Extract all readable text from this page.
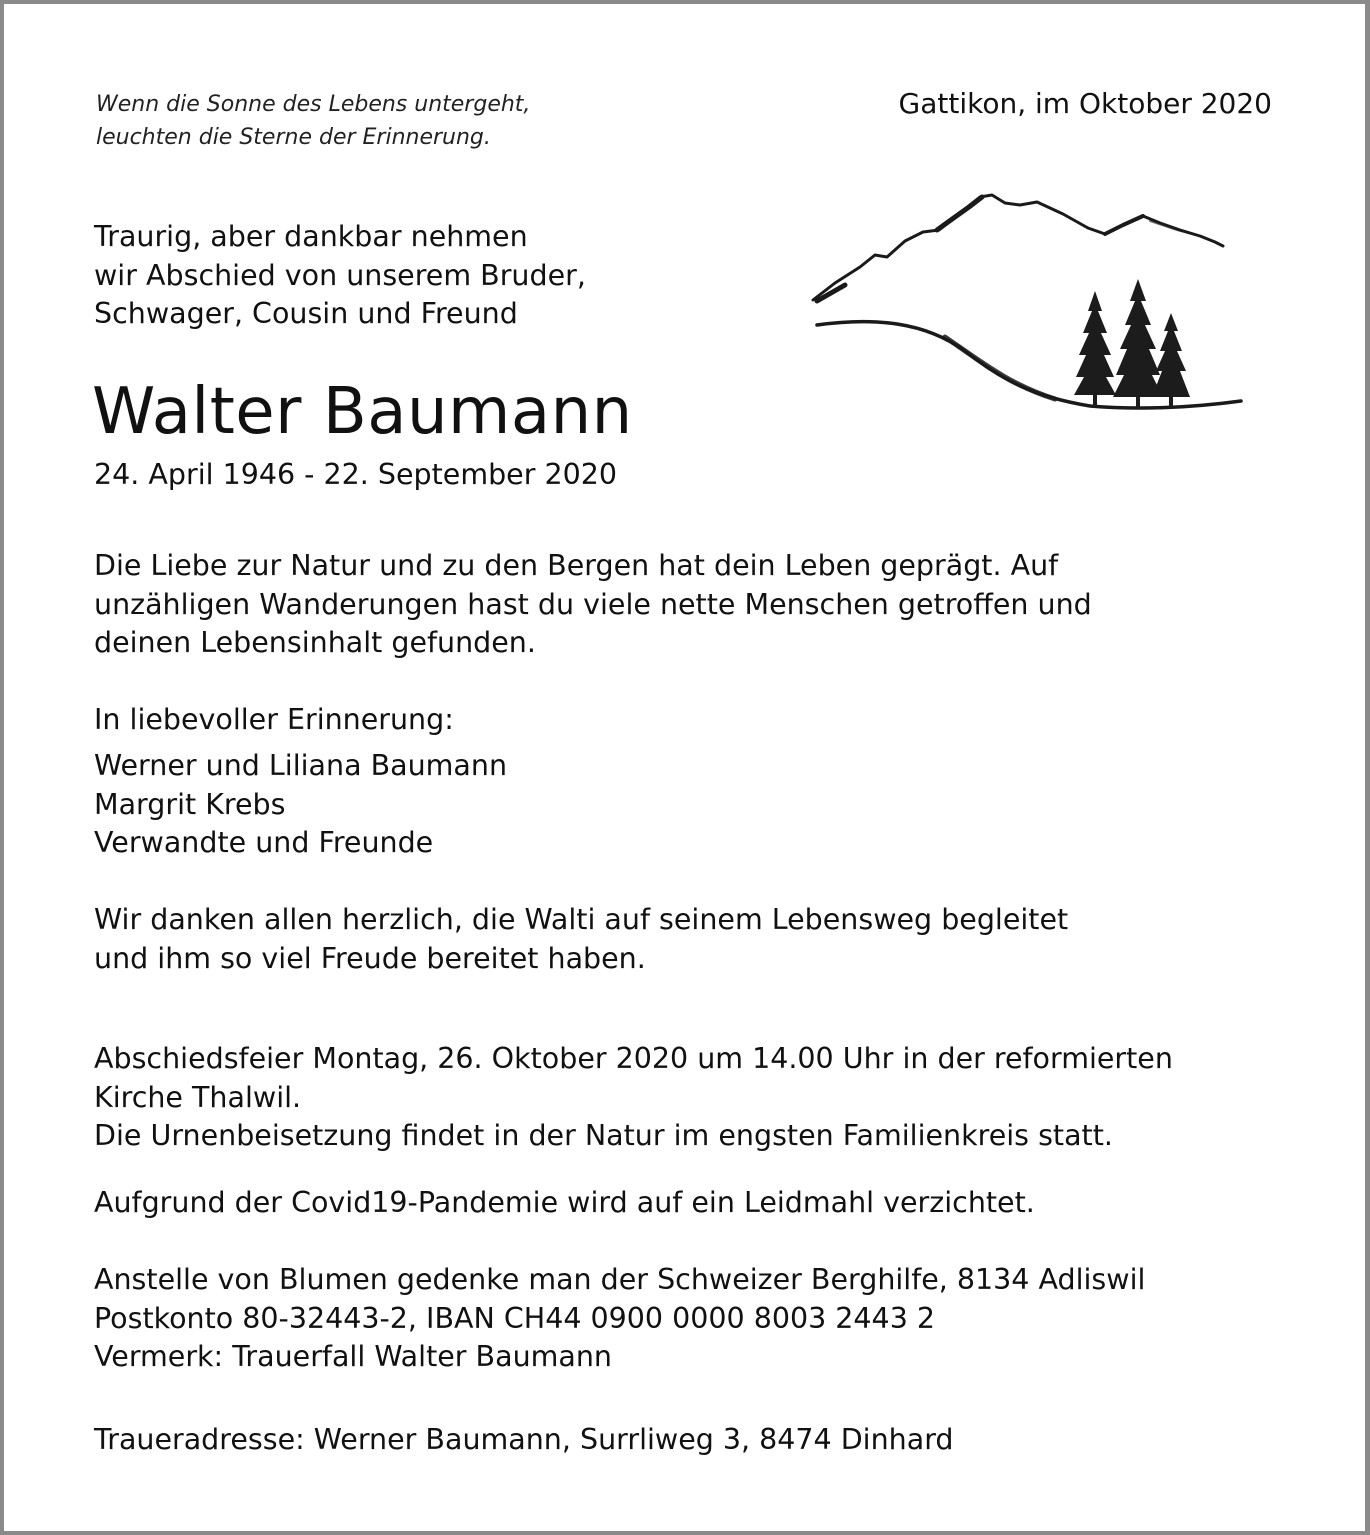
Wenn die Sonne des Lebens untergeht,
leuchten die Sterne der Erinnerung.

Gattikon, im Oktober 2020

Traurig, aber dankbar nehmen
wir Abschied von unserem Bruder,
Schwager, Cousin und Freund

Walter Baumann

24. April 1946 - 22. September 2020

Die Liebe zur Natur und zu den Bergen hat dein Leben geprägt. Auf
unzähligen Wanderungen hast du viele nette Menschen getroffen und
deinen Lebensinhalt gefunden.

In liebevoller Erinnerung:

Werner und Liliana Baumann
Margrit Krebs
Verwandte und Freunde

Wir danken allen herzlich, die Walti auf seinem Lebensweg begleitet
und ihm so viel Freude bereitet haben.

Abschiedsfeier Montag, 26. Oktober 2020 um 14.00 Uhr in der reformierten
Kirche Thalwil.
Die Urnenbeisetzung findet in der Natur im engsten Familienkreis statt.

Aufgrund der Covid19-Pandemie wird auf ein Leidmahl verzichtet.

Anstelle von Blumen gedenke man der Schweizer Berghilfe, 8134 Adliswil
Postkonto 80-32443-2, IBAN CH44 0900 0000 8003 2443 2
Vermerk: Trauerfall Walter Baumann

Traueradresse: Werner Baumann, Surrliweg 3, 8474 Dinhard
